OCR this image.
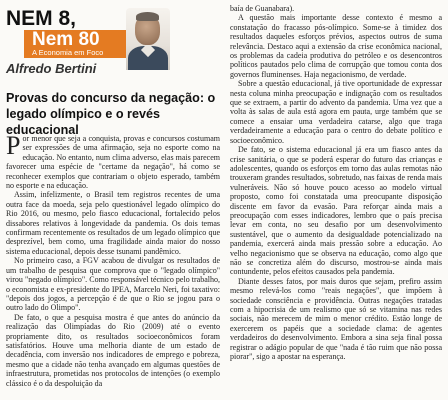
NEM 8,
Nem 80
A Economia em Foco
Alfredo Bertini
Provas do concurso da negação: o legado olímpico e o revés educacional

Por menor que seja a conquista, provas e concursos costumam ser expressões de uma afirmação, seja no esporte como na educação. No entanto, num clima adverso, elas mais parecem favorecer uma espécie de "certame da negação", há como se reconhecer exemplos que contrariam o objeto esperado, também no esporte e na educação.

Assim, infelizmente, o Brasil tem registros recentes de uma outra face da moeda, seja pelo questionável legado olímpico do Rio 2016, ou mesmo, pelo fiasco educacional, fortalecido pelos dissabores relativos à longevidade da pandemia. Os dois temas confirmam recentemente os resultados de um legado olímpico que desprezível, bem como, uma fragilidade ainda maior do nosso sistema educacional, depois desse tsunami pandêmico.

No primeiro caso, a FGV acabou de divulgar os resultados de um trabalho de pesquisa que comprova que o "legado olímpico" virou "negado olímpico". Como responsável técnico pelo trabalho, o economista e ex-presidente do IPEA, Marcelo Neri, foi taxativo: "depois dos jogos, a percepção é de que o Rio se jogou para o outro lado do Olimpo".

De fato, o que a pesquisa mostra é que antes do anúncio da realização das Olimpíadas do Rio (2009) até o evento propriamente dito, os resultados socioeconômicos foram satisfatórios. Houve uma melhoria diante de um estado de decadência, com inversão nos indicadores de emprego e pobreza, mesmo que a cidade não tenha avançado em algumas questões de infraestrutura, prometidas nos protocolos de intenções (o exemplo clássico é o da despoluição da

baía de Guanabara).

A questão mais importante desse contexto é mesmo a constatação do fracasso pós-olímpico. Some-se à timidez dos resultados daqueles esforços prévios, aspectos outros de suma relevância. Destaco aqui a extensão da crise econômica nacional, os problemas da cadeia produtiva do petróleo e os desencontros políticos pautados pelo clima de corrupção que tomou conta dos governos fluminenses. Haja negacionismo, de verdade.

Sobre a questão educacional, já tive oportunidade de expressar nesta coluna minha preocupação e indignação com os resultados que se extraem, a partir do advento da pandemia. Uma vez que a volta às salas de aula está agora em pauta, urge também que se comece a ensaiar uma verdadeira catarse, algo que traga verdadeiramente a educação para o centro do debate político e socioeconômico.

De fato, se o sistema educacional já era um fiasco antes da crise sanitária, o que se poderá esperar do futuro das crianças e adolescentes, quando os esforços em torno das aulas remotas não trouxeram grandes resultados, sobretudo, nas faixas de renda mais vulneráveis. Não só houve pouco acesso ao modelo virtual proposto, como foi constatada uma preocupante disposição discente em favor da evasão. Para reforçar ainda mais a preocupação com esses indicadores, lembro que o país precisa levar em conta, no seu desafio por um desenvolvimento sustentável, que o aumento da desigualdade potencializado na pandemia, exercerá ainda mais pressão sobre a educação. Ao velho negacionismo que se observa na educação, como algo que não se concretiza além do discurso, mostrou-se ainda mais contundente, pelos efeitos causados pela pandemia.

Diante desses fatos, por mais duros que sejam, prefiro assim mesmo relevá-los como "reais negações", que impõem à sociedade consciência e providência. Outras negações tratadas com a hipocrisia de um realismo que só se vitamina nas redes sociais, não merecem de mim o menor crédito. Estão longe de exercerem os papéis que a sociedade clama: de agentes verdadeiros do desenvolvimento. Embora a sina seja final possa registrar o adágio popular de que "nada é tão ruim que não possa piorar", sigo a apostar na esperança.
